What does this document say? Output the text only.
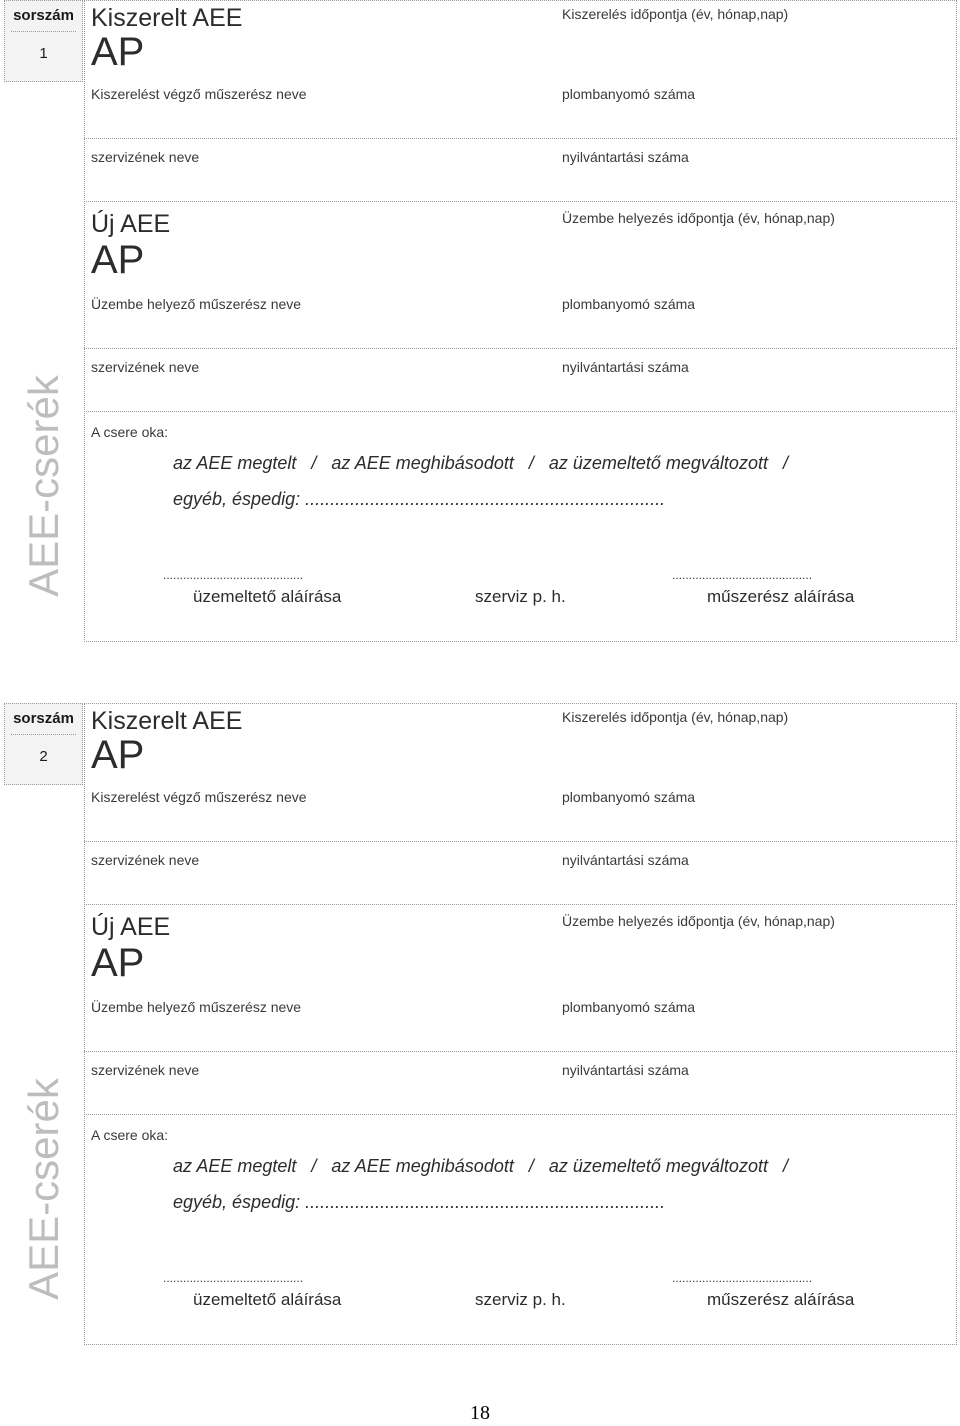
sorszám
1
Kiszerelt AEE
AP
Kiszerelés időpontja (év, hónap,nap)
Kiszerelést végző műszerész neve	plombanyomó száma
szervizének neve	nyilvántartási száma
Új AEE
AP
Üzembe helyezés időpontja (év, hónap,nap)
Üzembe helyező műszerész neve	plombanyomó száma
szervizének neve	nyilvántartási száma
AEE-cserék A csere oka:
az AEE megtelt   /   az AEE meghibásodott   /   az üzemeltető megváltozott   /
egyéb, éspedig: ........................................................................
..........................................	..........................................
üzemeltető aláírása	szerviz p. h.	műszerész aláírása
sorszám
2
Kiszerelt AEE
AP
Kiszerelés időpontja (év, hónap,nap)
Kiszerelést végző műszerész neve	plombanyomó száma
szervizének neve	nyilvántartási száma
Új AEE
AP
Üzembe helyezés időpontja (év, hónap,nap)
Üzembe helyező műszerész neve	plombanyomó száma
szervizének neve	nyilvántartási száma
AEE-cserék A csere oka:
az AEE megtelt   /   az AEE meghibásodott   /   az üzemeltető megváltozott   /
egyéb, éspedig: ........................................................................
..........................................	..........................................
üzemeltető aláírása	szerviz p. h.	műszerész aláírása
18
